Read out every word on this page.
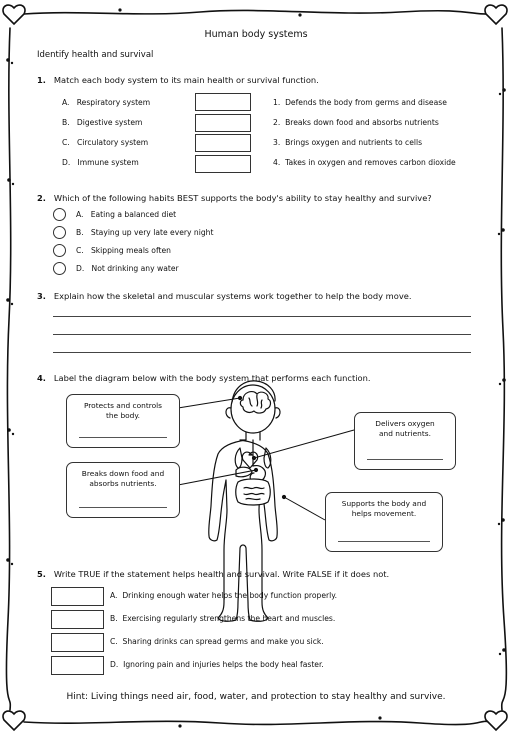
Human body systems
Identify health and survival
1. Match each body system to its main health or survival function.
A. Respiratory system
B. Digestive system
C. Circulatory system
D. Immune system
1. Defends the body from germs and disease
2. Breaks down food and absorbs nutrients
3. Brings oxygen and nutrients to cells
4. Takes in oxygen and removes carbon dioxide
2. Which of the following habits BEST supports the body's ability to stay healthy and survive?
A. Eating a balanced diet
B. Staying up very late every night
C. Skipping meals often
D. Not drinking any water
3. Explain how the skeletal and muscular systems work together to help the body move.
4. Label the diagram below with the body system that performs each function.
Protects and controls
the body.
Delivers oxygen
and nutrients.
Breaks down food and
absorbs nutrients.
Supports the body and
helps movement.
5. Write TRUE if the statement helps health and survival. Write FALSE if it does not.
A. Drinking enough water helps the body function properly.
B. Exercising regularly strengthens the heart and muscles.
C. Sharing drinks can spread germs and make you sick.
D. Ignoring pain and injuries helps the body heal faster.
Hint: Living things need air, food, water, and protection to stay healthy and survive.
